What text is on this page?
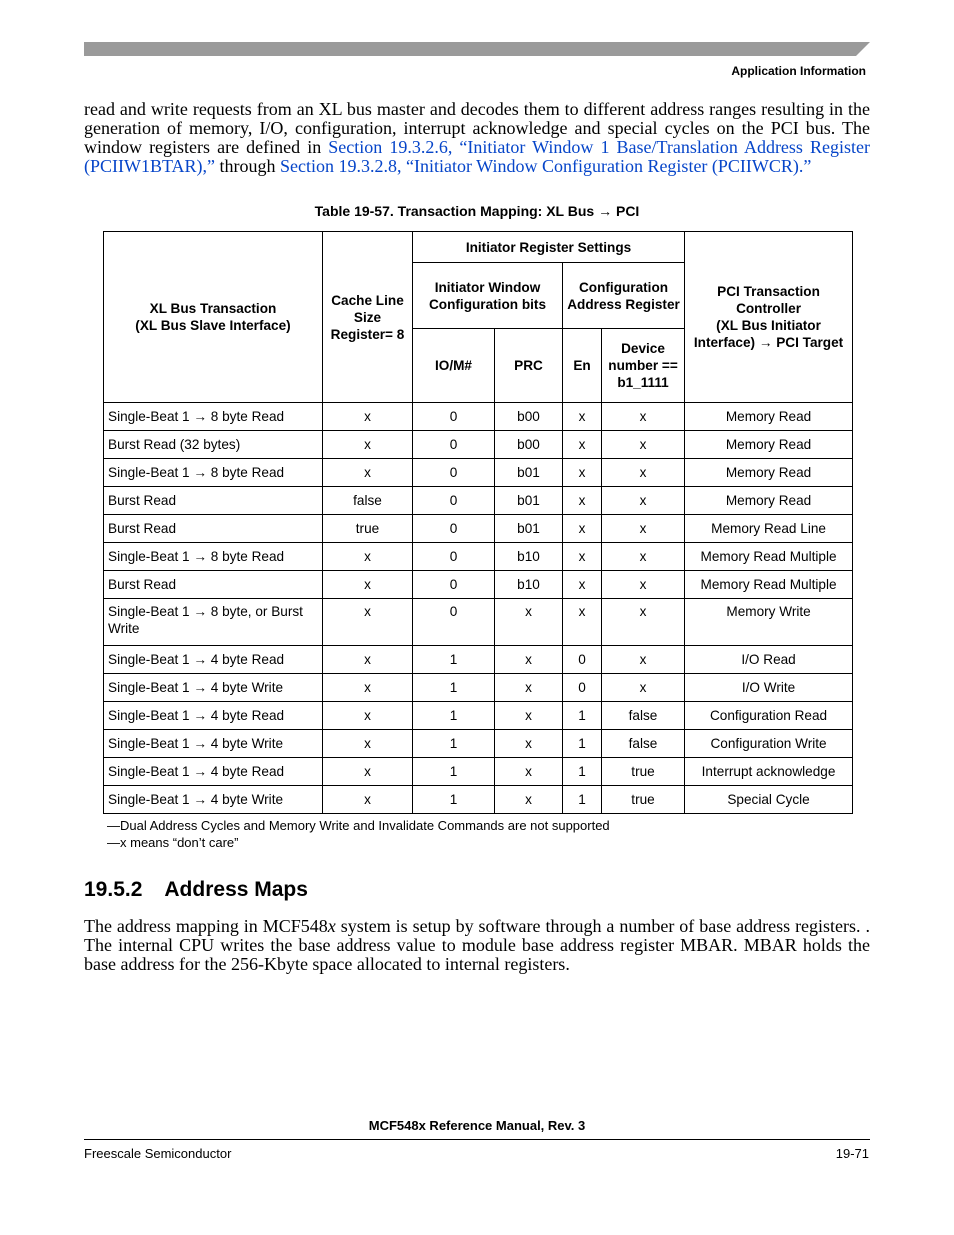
Application Information
read and write requests from an XL bus master and decodes them to different address ranges resulting in the generation of memory, I/O, configuration, interrupt acknowledge and special cycles on the PCI bus. The window registers are defined in Section 19.3.2.6, “Initiator Window 1 Base/Translation Address Register (PCIIW1BTAR),” through Section 19.3.2.8, “Initiator Window Configuration Register (PCIIWCR).”
Table 19-57. Transaction Mapping: XL Bus → PCI
XL Bus Transaction
(XL Bus Slave Interface)	Cache Line Size Register= 8	Initiator Register Settings				PCI Transaction Controller
(XL Bus Initiator Interface) → PCI Target
		Initiator Window Configuration bits		Configuration Address Register		
		IO/M#	PRC	En	Device number == b1_1111	
Single-Beat 1 → 8 byte Read	x	0	b00	x	x	Memory Read
Burst Read (32 bytes)	x	0	b00	x	x	Memory Read
Single-Beat 1 → 8 byte Read	x	0	b01	x	x	Memory Read
Burst Read	false	0	b01	x	x	Memory Read
Burst Read	true	0	b01	x	x	Memory Read Line
Single-Beat 1 → 8 byte Read	x	0	b10	x	x	Memory Read Multiple
Burst Read	x	0	b10	x	x	Memory Read Multiple
Single-Beat 1 → 8 byte, or Burst Write	x	0	x	x	x	Memory Write
Single-Beat 1 → 4 byte Read	x	1	x	0	x	I/O Read
Single-Beat 1 → 4 byte Write	x	1	x	0	x	I/O Write
Single-Beat 1 → 4 byte Read	x	1	x	1	false	Configuration Read
Single-Beat 1 → 4 byte Write	x	1	x	1	false	Configuration Write
Single-Beat 1 → 4 byte Read	x	1	x	1	true	Interrupt acknowledge
Single-Beat 1 → 4 byte Write	x	1	x	1	true	Special Cycle
—Dual Address Cycles and Memory Write and Invalidate Commands are not supported
—x means “don’t care”
19.5.2 Address Maps
The address mapping in MCF548x system is setup by software through a number of base address registers. . The internal CPU writes the base address value to module base address register MBAR. MBAR holds the base address for the 256-Kbyte space allocated to internal registers.
MCF548x Reference Manual, Rev. 3
Freescale Semiconductor	19-71
